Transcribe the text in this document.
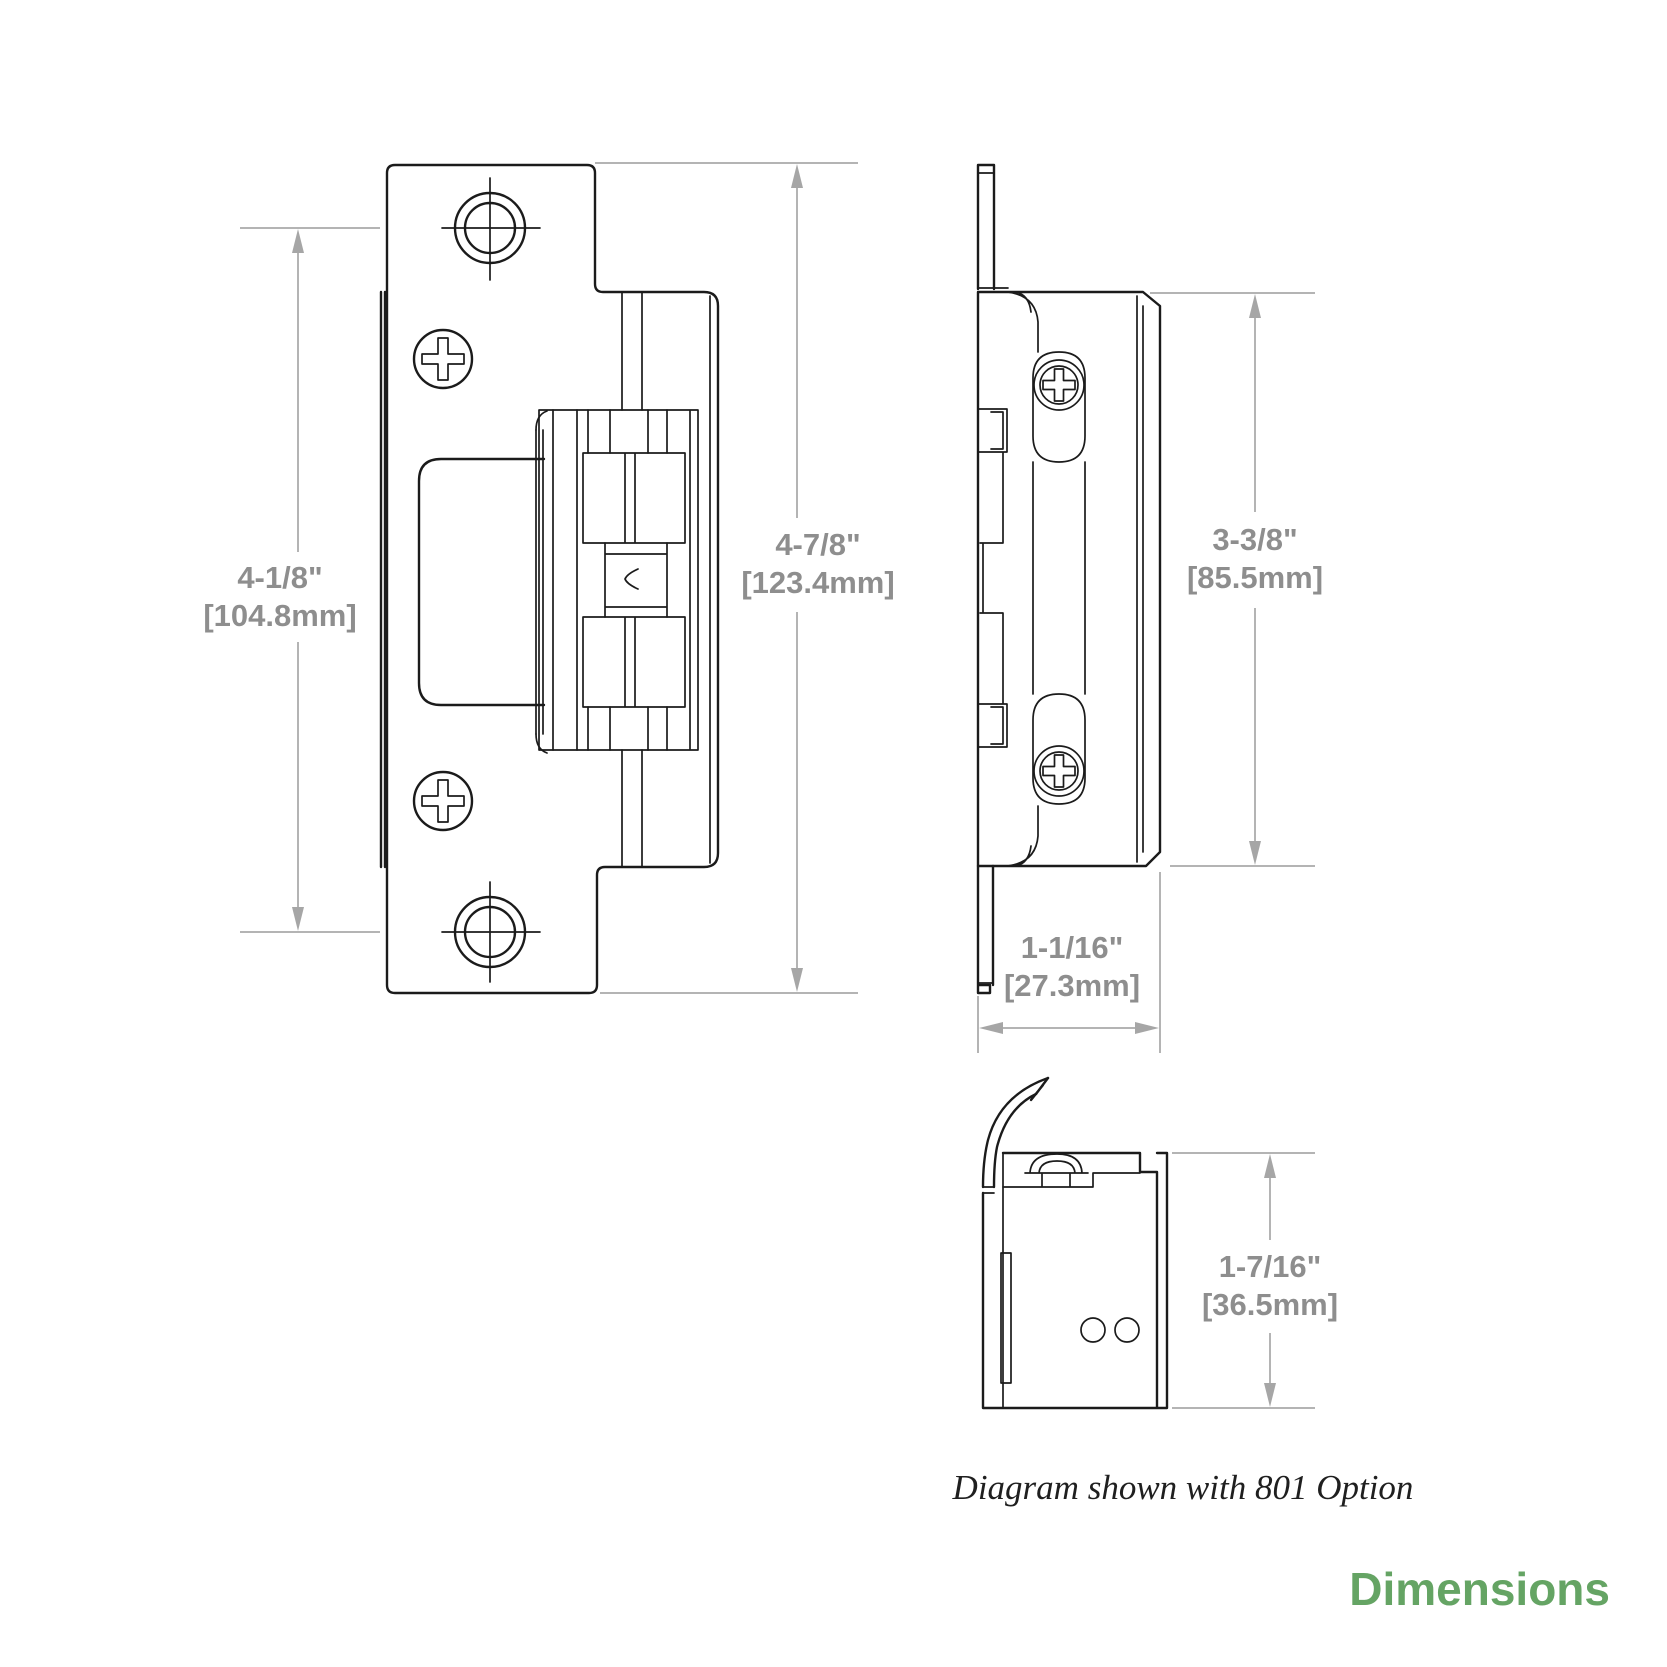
4-1/8"
[104.8mm]
4-7/8"
[123.4mm]
3-3/8"
[85.5mm]
1-1/16"
[27.3mm]
1-7/16"
[36.5mm]
Diagram shown with 801 Option
Dimensions
